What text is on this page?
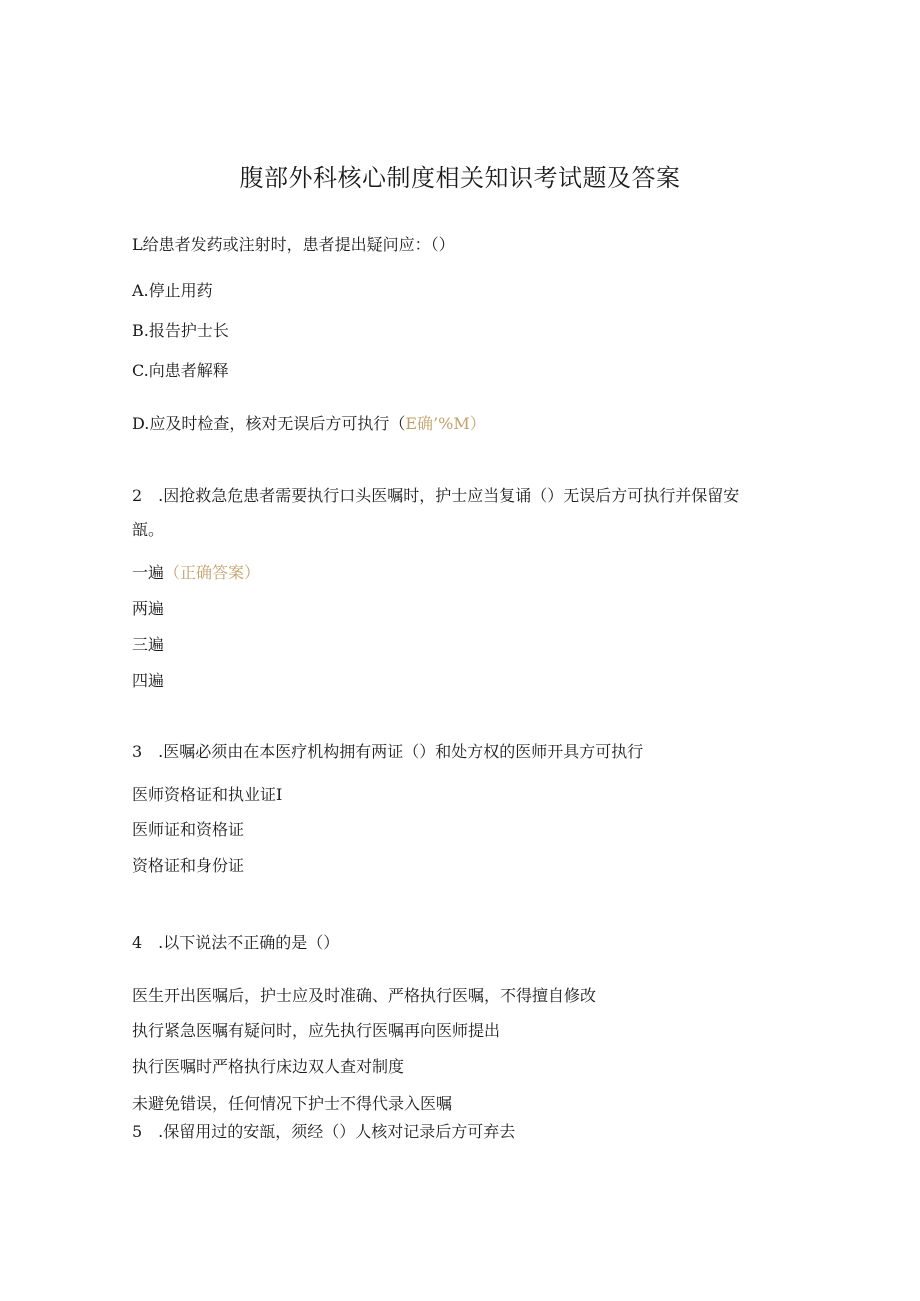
腹部外科核心制度相关知识考试题及答案
L给患者发药或注射时，患者提出疑问应：（）
A.停止用药
B.报告护士长
C.向患者解释
D.应及时检查，核对无误后方可执行（E确’%M）
2　.因抢救急危患者需要执行口头医嘱时，护士应当复诵（）无误后方可执行并保留安
瓿。
一遍（正确答案）
两遍
三遍
四遍
3　.医嘱必须由在本医疗机构拥有两证（）和处方权的医师开具方可执行
医师资格证和执业证I
医师证和资格证
资格证和身份证
4　.以下说法不正确的是（）
医生开出医嘱后，护士应及时准确、严格执行医嘱，不得擅自修改
执行紧急医嘱有疑问时，应先执行医嘱再向医师提出
执行医嘱时严格执行床边双人查对制度
未避免错误，任何情况下护士不得代录入医嘱
5　.保留用过的安瓿，须经（）人核对记录后方可弃去
